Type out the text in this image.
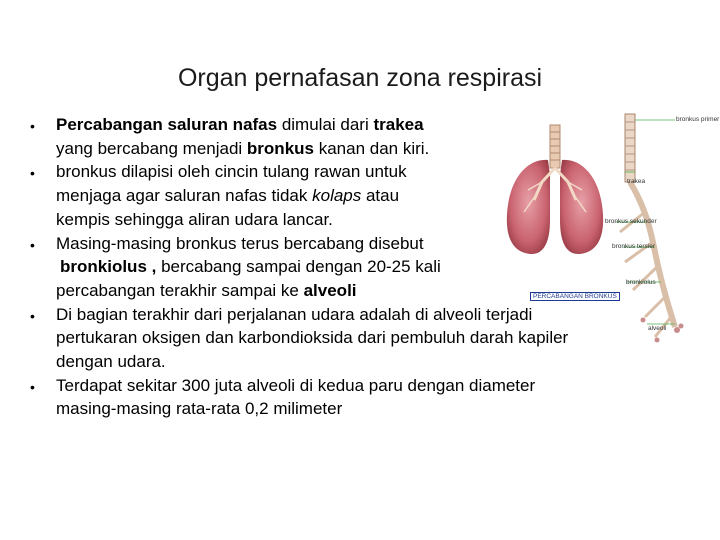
Organ pernafasan zona respirasi
bronkus primer
trakea
bronkus sekunder
bronkus tersier
bronkiolus
alveoli
PERCABANGAN BRONKUS
• Percabangan saluran nafas dimulai dari trakea
yang bercabang menjadi bronkus kanan dan kiri.
• bronkus dilapisi oleh cincin tulang rawan untuk
menjaga agar saluran nafas tidak kolaps atau
kempis sehingga aliran udara lancar.
• Masing-masing bronkus terus bercabang disebut
bronkiolus , bercabang sampai dengan 20-25 kali
percabangan terakhir sampai ke alveoli
• Di bagian terakhir dari perjalanan udara adalah di alveoli terjadi
pertukaran oksigen dan karbondioksida dari pembuluh darah kapiler
dengan udara.
• Terdapat sekitar 300 juta alveoli di kedua paru dengan diameter
masing-masing rata-rata 0,2 milimeter
